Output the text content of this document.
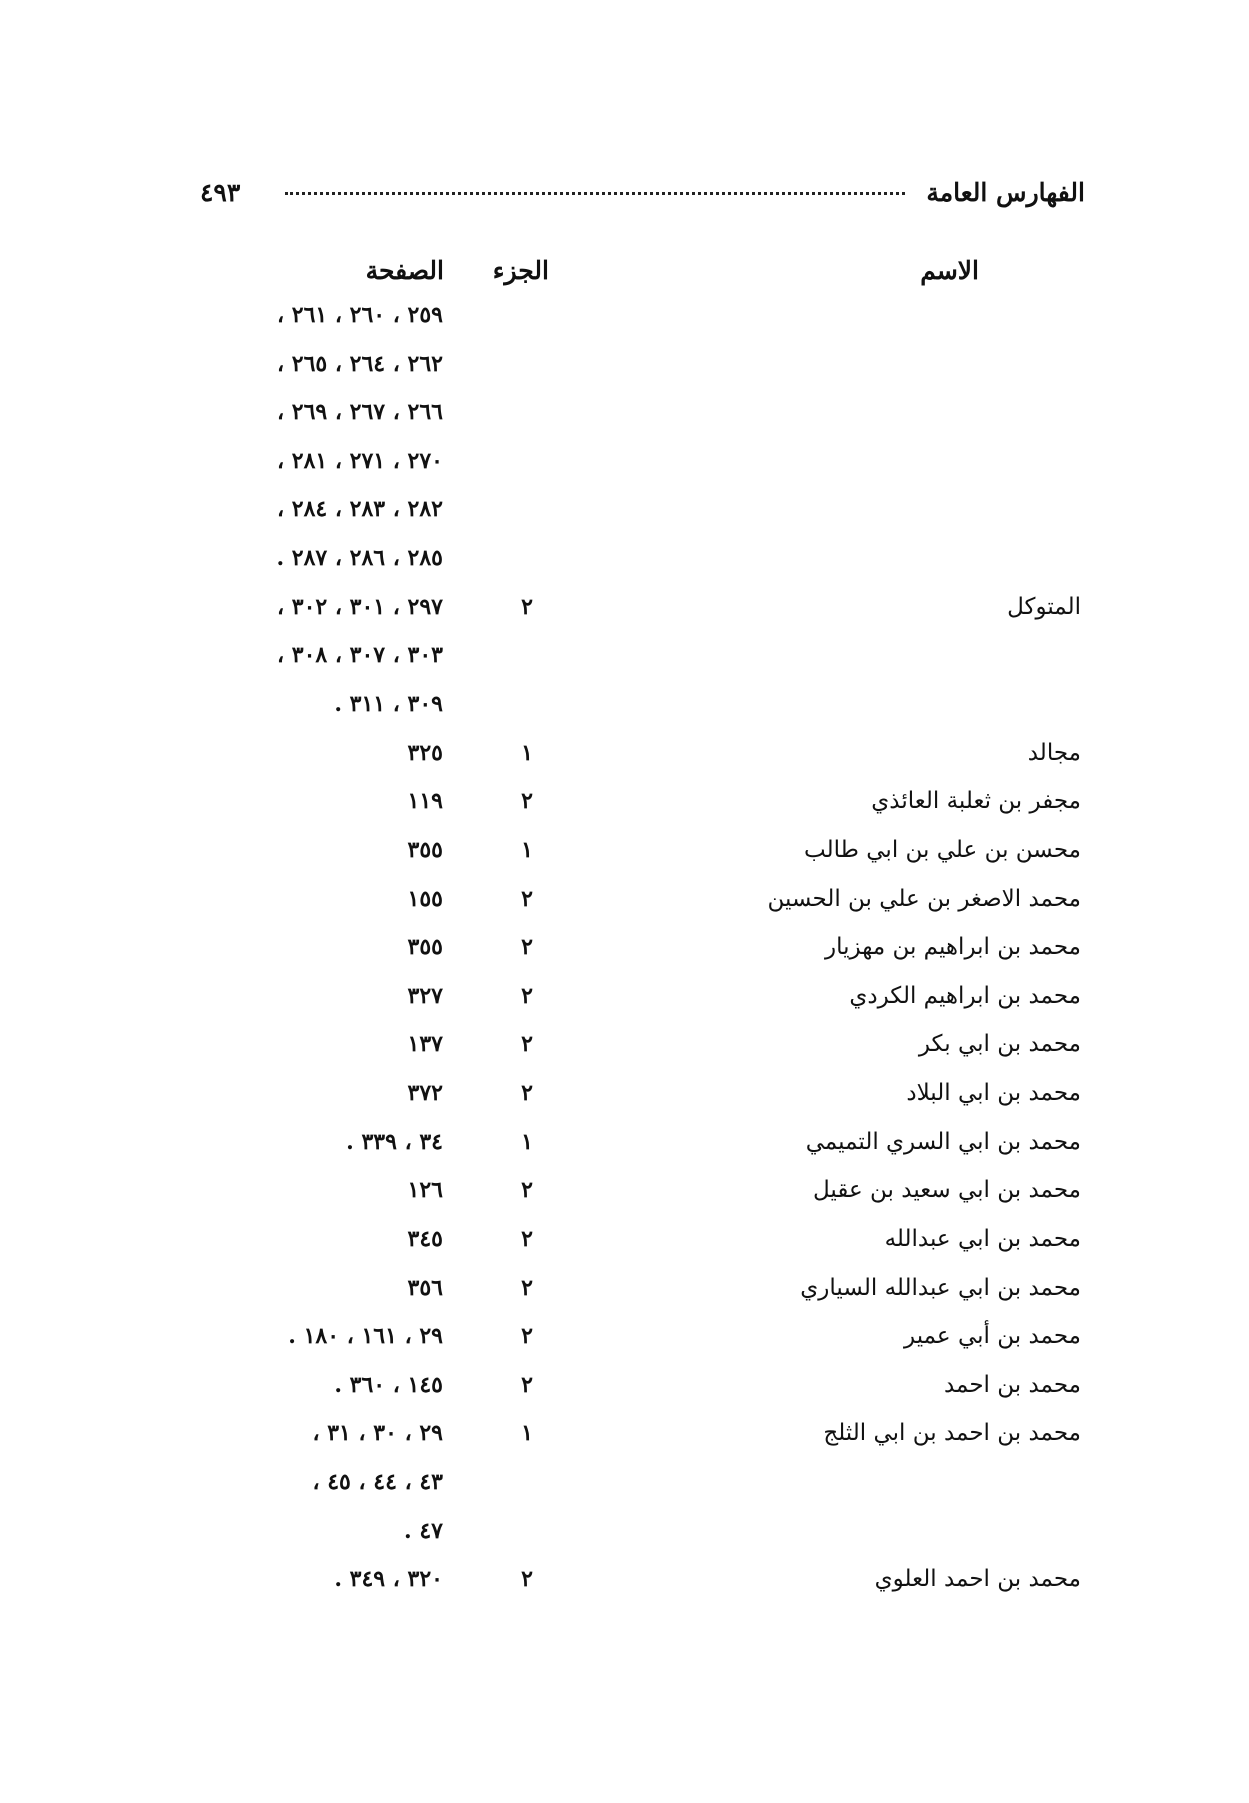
الفهارس العامة
٤٩٣
الاسم
الجزء
الصفحة
٢٥٩ ، ٢٦٠ ، ٢٦١ ،
٢٦٢ ، ٢٦٤ ، ٢٦٥ ،
٢٦٦ ، ٢٦٧ ، ٢٦٩ ،
٢٧٠ ، ٢٧١ ، ٢٨١ ،
٢٨٢ ، ٢٨٣ ، ٢٨٤ ،
٢٨٥ ، ٢٨٦ ، ٢٨٧ .
المتوكل
٢
٢٩٧ ، ٣٠١ ، ٣٠٢ ،
٣٠٣ ، ٣٠٧ ، ٣٠٨ ،
٣٠٩ ، ٣١١ .
مجالد
١
٣٢٥
مجفر بن ثعلبة العائذي
٢
١١٩
محسن بن علي بن ابي طالب
١
٣٥٥
محمد الاصغر بن علي بن الحسين
٢
١٥٥
محمد بن ابراهيم بن مهزيار
٢
٣٥٥
محمد بن ابراهيم الكردي
٢
٣٢٧
محمد بن ابي بكر
٢
١٣٧
محمد بن ابي البلاد
٢
٣٧٢
محمد بن ابي السري التميمي
١
٣٤ ، ٣٣٩ .
محمد بن ابي سعيد بن عقيل
٢
١٢٦
محمد بن ابي عبدالله
٢
٣٤٥
محمد بن ابي عبدالله السياري
٢
٣٥٦
محمد بن أبي عمير
٢
٢٩ ، ١٦١ ، ١٨٠ .
محمد بن احمد
٢
١٤٥ ، ٣٦٠ .
محمد بن احمد بن ابي الثلج
١
٢٩ ، ٣٠ ، ٣١ ،
٤٣ ، ٤٤ ، ٤٥ ،
٤٧ .
محمد بن احمد العلوي
٢
٣٢٠ ، ٣٤٩ .
